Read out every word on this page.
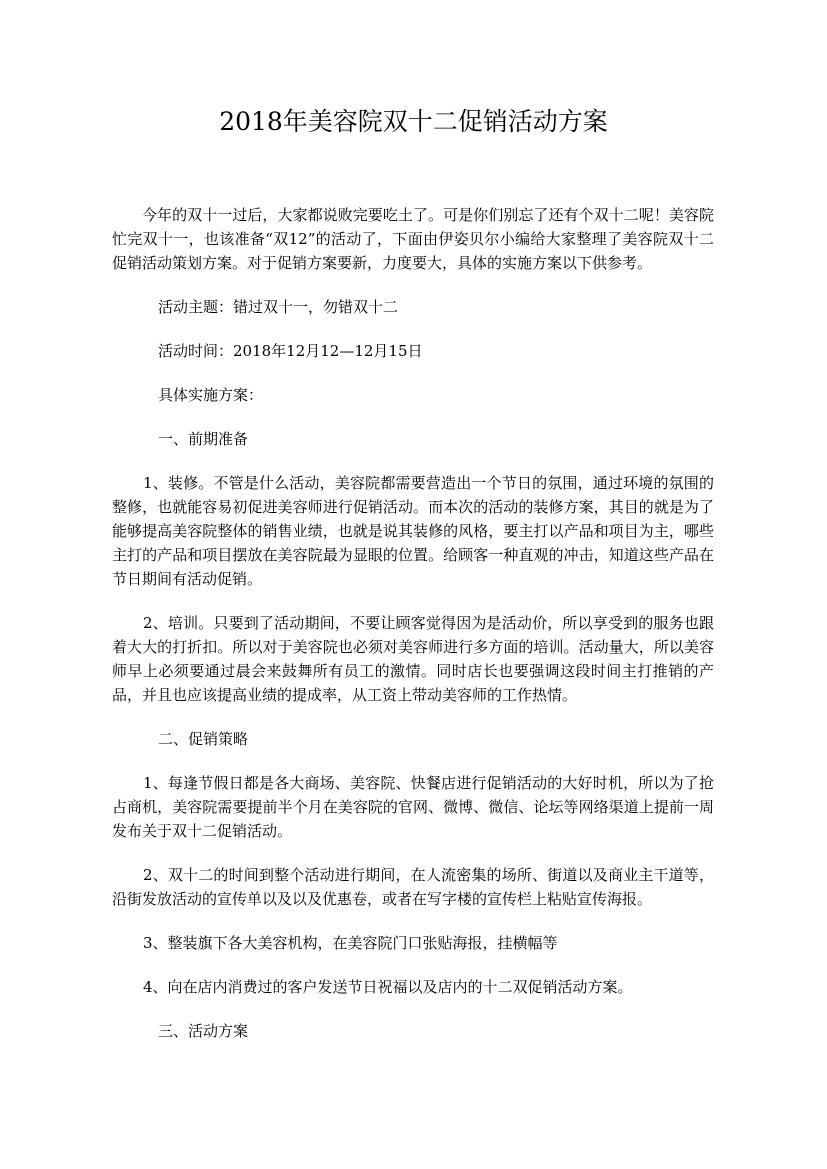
2018年美容院双十二促销活动方案

今年的双十一过后，大家都说败完要吃土了。可是你们别忘了还有个双十二呢！美容院忙完双十一，也该准备“双12”的活动了，下面由伊姿贝尔小编给大家整理了美容院双十二促销活动策划方案。对于促销方案要新，力度要大，具体的实施方案以下供参考。

活动主题：错过双十一，勿错双十二

活动时间：2018年12月12—12月15日

具体实施方案：

一、前期准备

1、装修。不管是什么活动，美容院都需要营造出一个节日的氛围，通过环境的氛围的整修，也就能容易初促进美容师进行促销活动。而本次的活动的装修方案，其目的就是为了能够提高美容院整体的销售业绩，也就是说其装修的风格，要主打以产品和项目为主，哪些主打的产品和项目摆放在美容院最为显眼的位置。给顾客一种直观的冲击，知道这些产品在节日期间有活动促销。

2、培训。只要到了活动期间，不要让顾客觉得因为是活动价，所以享受到的服务也跟着大大的打折扣。所以对于美容院也必须对美容师进行多方面的培训。活动量大，所以美容师早上必须要通过晨会来鼓舞所有员工的激情。同时店长也要强调这段时间主打推销的产品，并且也应该提高业绩的提成率，从工资上带动美容师的工作热情。

二、促销策略

1、每逢节假日都是各大商场、美容院、快餐店进行促销活动的大好时机，所以为了抢占商机，美容院需要提前半个月在美容院的官网、微博、微信、论坛等网络渠道上提前一周发布关于双十二促销活动。

2、双十二的时间到整个活动进行期间，在人流密集的场所、街道以及商业主干道等，沿街发放活动的宣传单以及以及优惠卷，或者在写字楼的宣传栏上粘贴宣传海报。

3、整装旗下各大美容机构，在美容院门口张贴海报，挂横幅等

4、向在店内消费过的客户发送节日祝福以及店内的十二双促销活动方案。

三、活动方案
